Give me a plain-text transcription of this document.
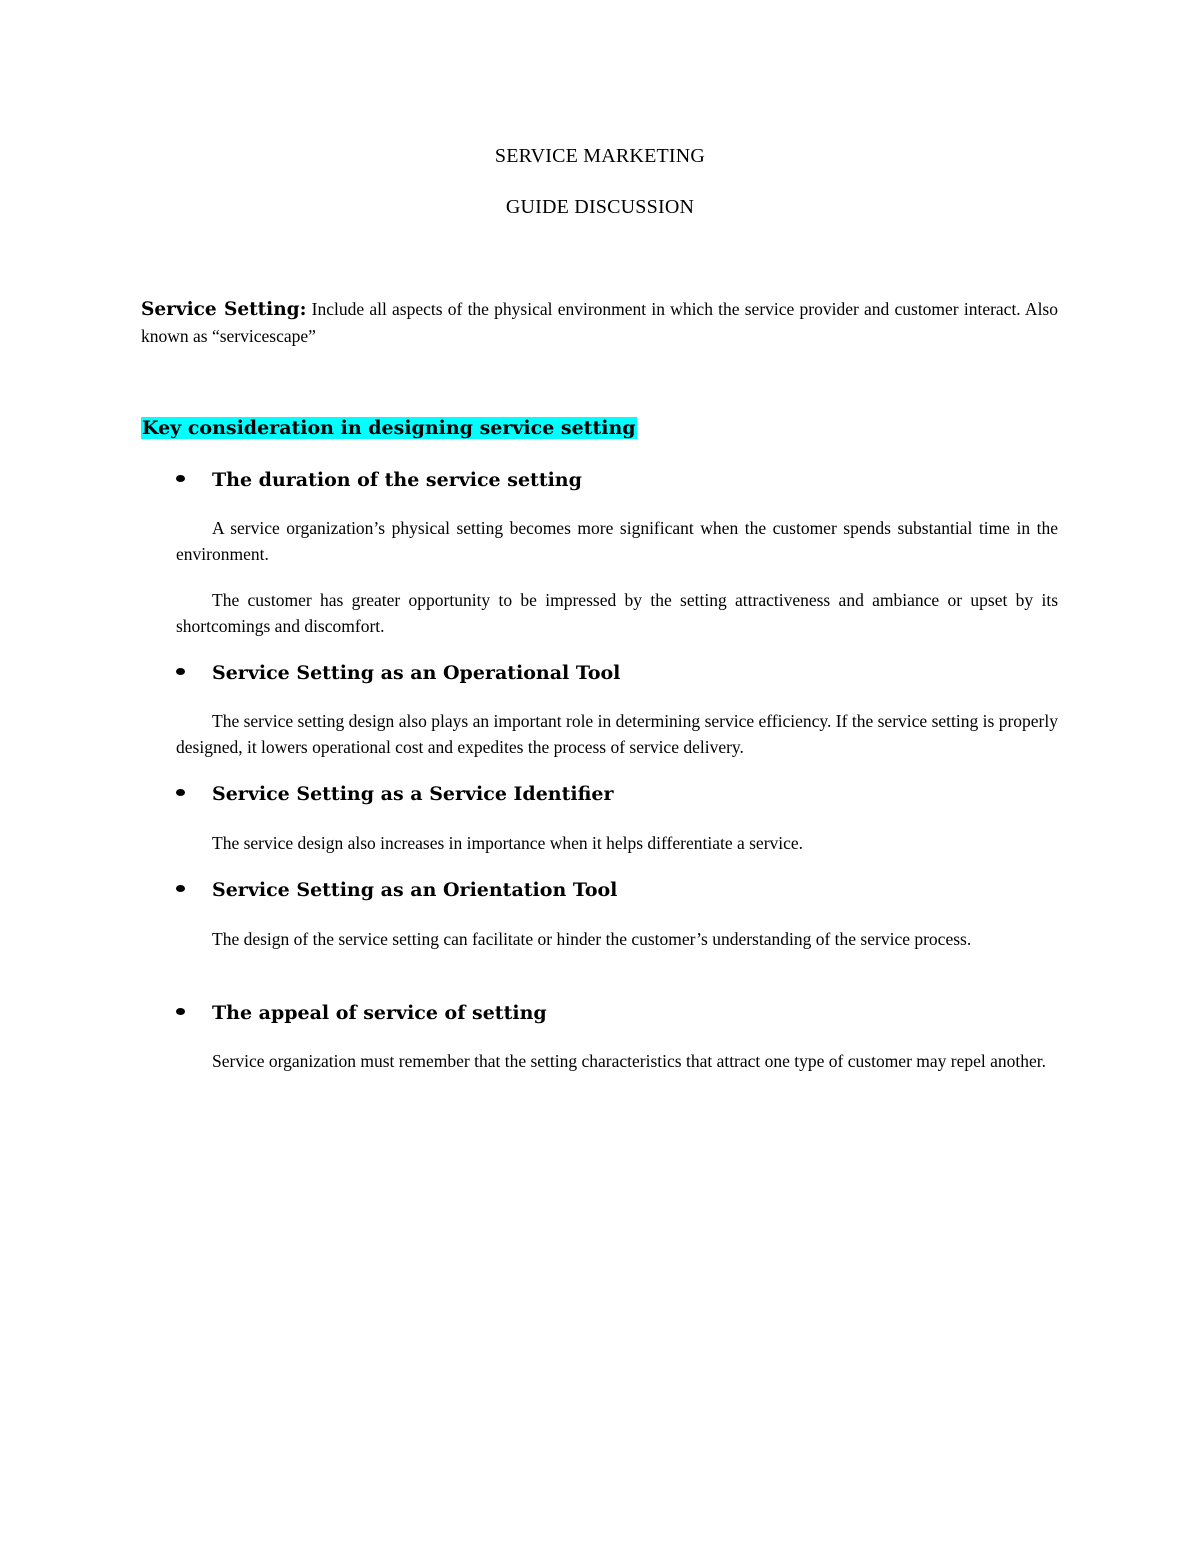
SERVICE MARKETING
GUIDE DISCUSSION
Service Setting: Include all aspects of the physical environment in which the service provider and customer interact. Also known as “servicescape”
Key consideration in designing service setting
The duration of the service setting
A service organization’s physical setting becomes more significant when the customer spends substantial time in the environment.
The customer has greater opportunity to be impressed by the setting attractiveness and ambiance or upset by its shortcomings and discomfort.
Service Setting as an Operational Tool
The service setting design also plays an important role in determining service efficiency. If the service setting is properly designed, it lowers operational cost and expedites the process of service delivery.
Service Setting as a Service Identifier
The service design also increases in importance when it helps differentiate a service.
Service Setting as an Orientation Tool
The design of the service setting can facilitate or hinder the customer’s understanding of the service process.
The appeal of service of setting
Service organization must remember that the setting characteristics that attract one type of customer may repel another.
